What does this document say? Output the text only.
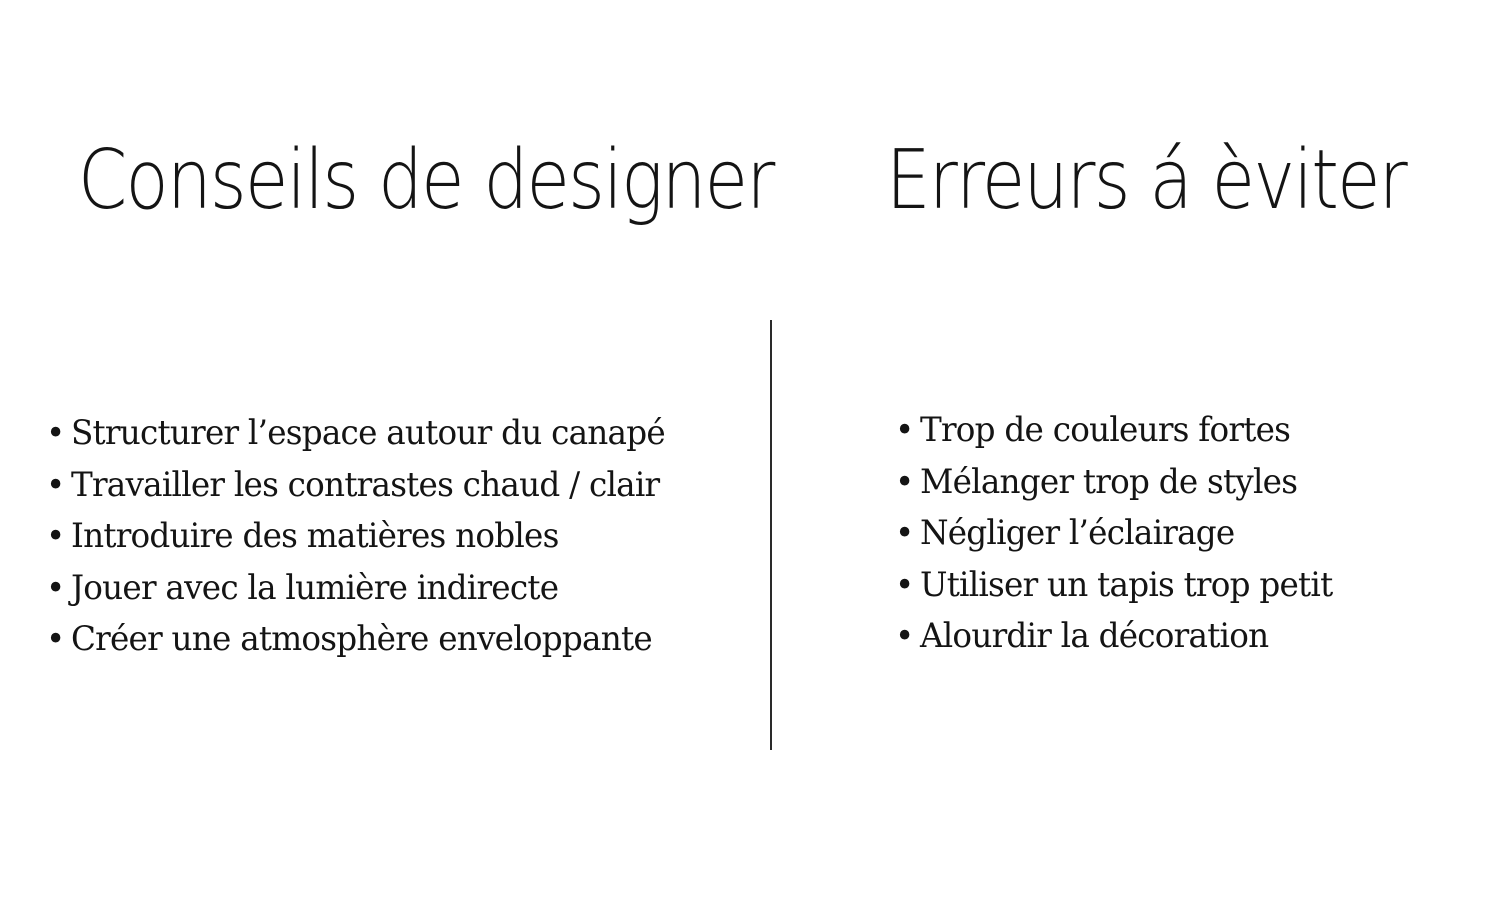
Conseils de designer Erreurs á èviter
• Structurer l’espace autour du canapé
• Travailler les contrastes chaud / clair
• Introduire des matières nobles
• Jouer avec la lumière indirecte
• Créer une atmosphère enveloppante
• Trop de couleurs fortes
• Mélanger trop de styles
• Négliger l’éclairage
• Utiliser un tapis trop petit
• Alourdir la décoration
